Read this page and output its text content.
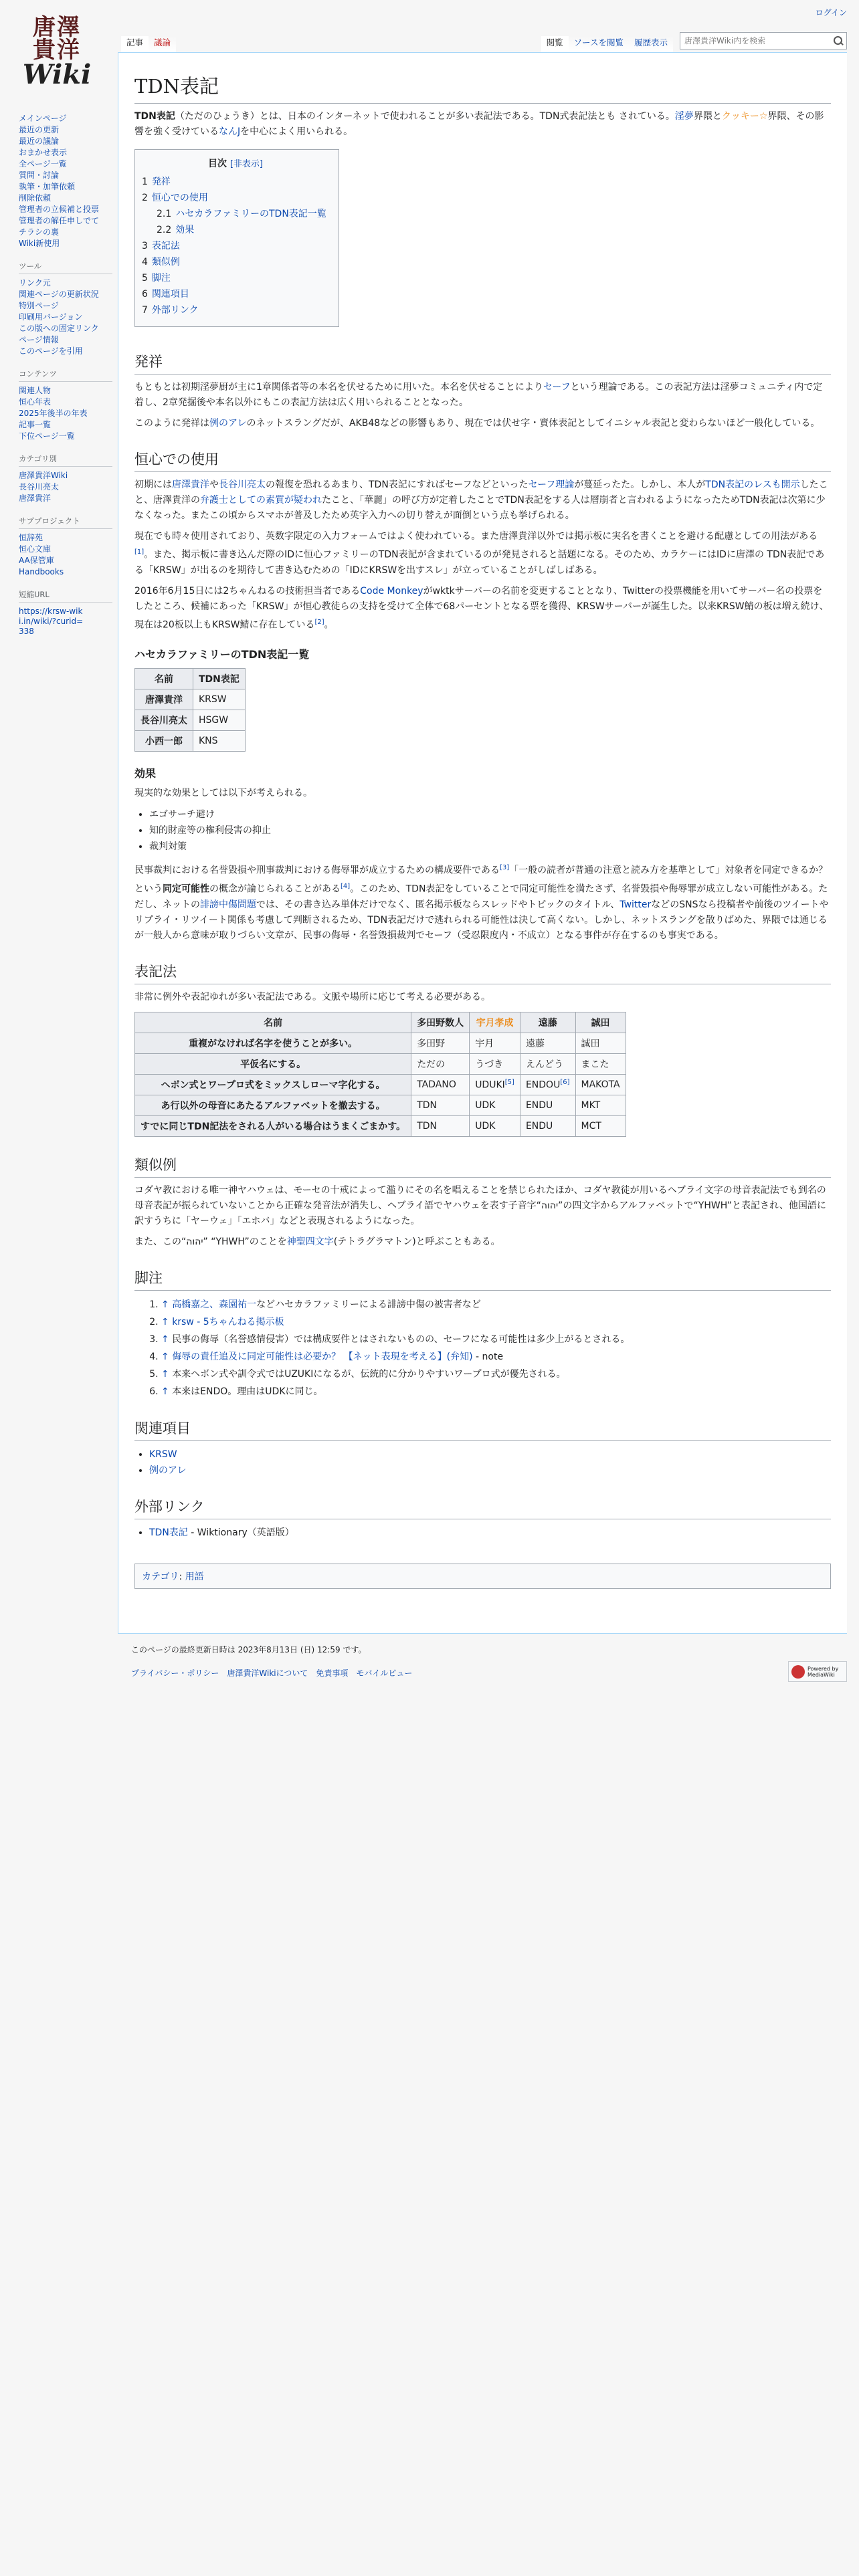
ログイン
唐澤
貴洋
Wiki
記事	議論	閲覧	ソースを閲覧	履歴表示
唐澤貴洋Wiki内を検索
メインページ
最近の更新
最近の議論
おまかせ表示
全ページ一覧
質問・討論
執筆・加筆依頼
削除依頼
管理者の立候補と投票
管理者の解任申しでて
チラシの裏
Wiki新使用
ツール
リンク元
関連ページの更新状況
特別ページ
印刷用バージョン
この版への固定リンク
ページ情報
このページを引用
コンテンツ
関連人物
恒心年表
2025年後半の年表
記事一覧
下位ページ一覧
カテゴリ別
唐澤貴洋Wiki
長谷川亮太
唐澤貴洋
サブプロジェクト
恒辞苑
恒心文庫
AA保管庫
Handbooks
短縮URL
https://krsw-wiki.in/wiki/?curid=338
TDN表記

TDN表記（ただのひょうき）とは、日本のインターネットで使われることが多い表記法である。TDN式表記法とも されている。淫夢界隈とクッキー☆界隈、その影響を強く受けているなんJを中心によく用いられる。

目次 [非表示]
1 発祥
2 恒心での使用
2.1 ハセカラファミリーのTDN表記一覧
2.2 効果
3 表記法
4 類似例
5 脚注
6 関連項目
7 外部リンク
発祥

もともとは初期淫夢厨が主に1章関係者等の本名を伏せるために用いた。本名を伏せることによりセーフという理論である。この表記方法は淫夢コミュニティ内で定着し、2章発掘後や本名以外にもこの表記方法は広く用いられることとなった。

このように発祥は例のアレのネットスラングだが、AKB48などの影響もあり、現在では伏せ字・實体表記としてイニシャル表記と変わらないほど一般化している。

恒心での使用

初期には唐澤貴洋や長谷川亮太の報復を恐れるあまり、TDN表記にすればセーフなどといったセーフ理論が蔓延ったた。しかし、本人がTDN表記のレスも開示したこと、唐澤貴洋の弁護士としての素質が疑われたこと、「華麗」の呼び方が定着したことでTDN表記をする人は層崩者と言われるようになったためTDN表記は次第に少なくなった。またこの頃からスマホが普及したため英字入力への切り替えが面倒という点も挙げられる。

現在でも時々使用されており、英数字限定の入力フォームではよく使われている。また唐澤貴洋以外では掲示板に実名を書くことを避ける配慮としての用法がある[1]。また、掲示板に書き込んだ際のIDに恒心ファミリーのTDN表記が含まれているのが発見されると話題になる。そのため、カラケーにはIDに唐澤の TDN表記である「KRSW」が出るのを期待して書き込むための「IDにKRSWを出すスレ」が立っていることがしばしばある。

2016年6月15日には2ちゃんねるの技術担当者であるCode Monkeyがwktkサーバーの名前を変更することとなり、Twitterの投票機能を用いてサーバー名の投票をしたところ、候補にあった「KRSW」が恒心教徒らの支持を受けて全体で68パーセントとなる票を獲得、KRSWサーバーが誕生した。以来KRSW鯖の板は増え続け、現在は20板以上もKRSW鯖に存在している[2]。

ハセカラファミリーのTDN表記一覧
名前	TDN表記
唐澤貴洋	KRSW
長谷川亮太	HSGW
小西一郎	KNS
効果

現実的な効果としては以下が考えられる。

• エゴサーチ避け
• 知的財産等の権利侵害の抑止
• 裁判対策

民事裁判における名誉毀損や刑事裁判における侮辱罪が成立するための構成要件である[3]「一般の読者が普通の注意と読み方を基準として」対象者を同定できるか？という同定可能性の概念が論じられることがある[4]。このため、TDN表記をしていることで同定可能性を満たさず、名誉毀損や侮辱罪が成立しない可能性がある。ただし、ネットの誹謗中傷問題では、その書き込み単体だけでなく、匿名掲示板ならスレッドやトピックのタイトル、TwitterなどのSNSなら投稿者や前後のツイートやリプライ・リツイート関係も考慮して判断されるため、TDN表記だけで逃れられる可能性は決して高くない。しかし、ネットスラングを散りばめた、界隈では通じるが一般人から意味が取りづらい文章が、民事の侮辱・名誉毀損裁判でセーフ（受忍限度内・不成立）となる事件が存在するのも事実である。

表記法

非常に例外や表記ゆれが多い表記法である。文脈や場所に応じて考える必要がある。

名前	多田野数人	宇月孝成	遠藤	誠田
重複がなければ名字を使うことが多い。	多田野	宇月	遠藤	誠田
平仮名にする。	ただの	うづき	えんどう	まこた
ヘボン式とワープロ式をミックスしローマ字化する。	TADANO	UDUKI[5]	ENDOU[6]	MAKOTA
あ行以外の母音にあたるアルファベットを撤去する。	TDN	UDK	ENDU	MKT
すでに同じTDN記法をされる人がいる場合はうまくごまかす。	TDN	UDK	ENDU	MCT
類似例

コダヤ教における唯一神ヤハウェは、モーセの十戒によって濫りにその名を唱えることを禁じられたほか、コダヤ教徒が用いるヘブライ文字の母音表記法でも到名の母音表記が振られていないことから正確な発音法が消失し、ヘブライ語でヤハウェを表す子音字“יהוה”の四文字からアルファベットで“YHWH”と表記され、他国語に訳すうちに「ヤーウェ」「エホバ」などと表現されるようになった。

また、この“יהוה” “YHWH”のことを神聖四文字(テトラグラマトン)と呼ぶこともある。

脚注
1. ↑ 高橋嘉之、森園祐一などハセカラファミリーによる誹謗中傷の被害者など
2. ↑ krsw - 5ちゃんねる掲示板
3. ↑ 民事の侮辱（名誉感情侵害）では構成要件とはされないものの、セーフになる可能性は多少上がるとされる。
4. ↑ 侮辱の責任追及に同定可能性は必要か？ 【ネット表現を考える】(弁知) - note
5. ↑ 本来ヘボン式や訓令式ではUZUKIになるが、伝統的に分かりやすいワープロ式が優先される。
6. ↑ 本来はENDO。理由はUDKに同じ。
関連項目
• KRSW
• 例のアレ
外部リンク
• TDN表記 - Wiktionary（英語版）
カテゴリ: 用語
このページの最終更新日時は 2023年8月13日 (日) 12:59 です。
プライバシー・ポリシー 唐澤貴洋Wikiについて 免責事項 モバイルビュー	Powered by MediaWiki
